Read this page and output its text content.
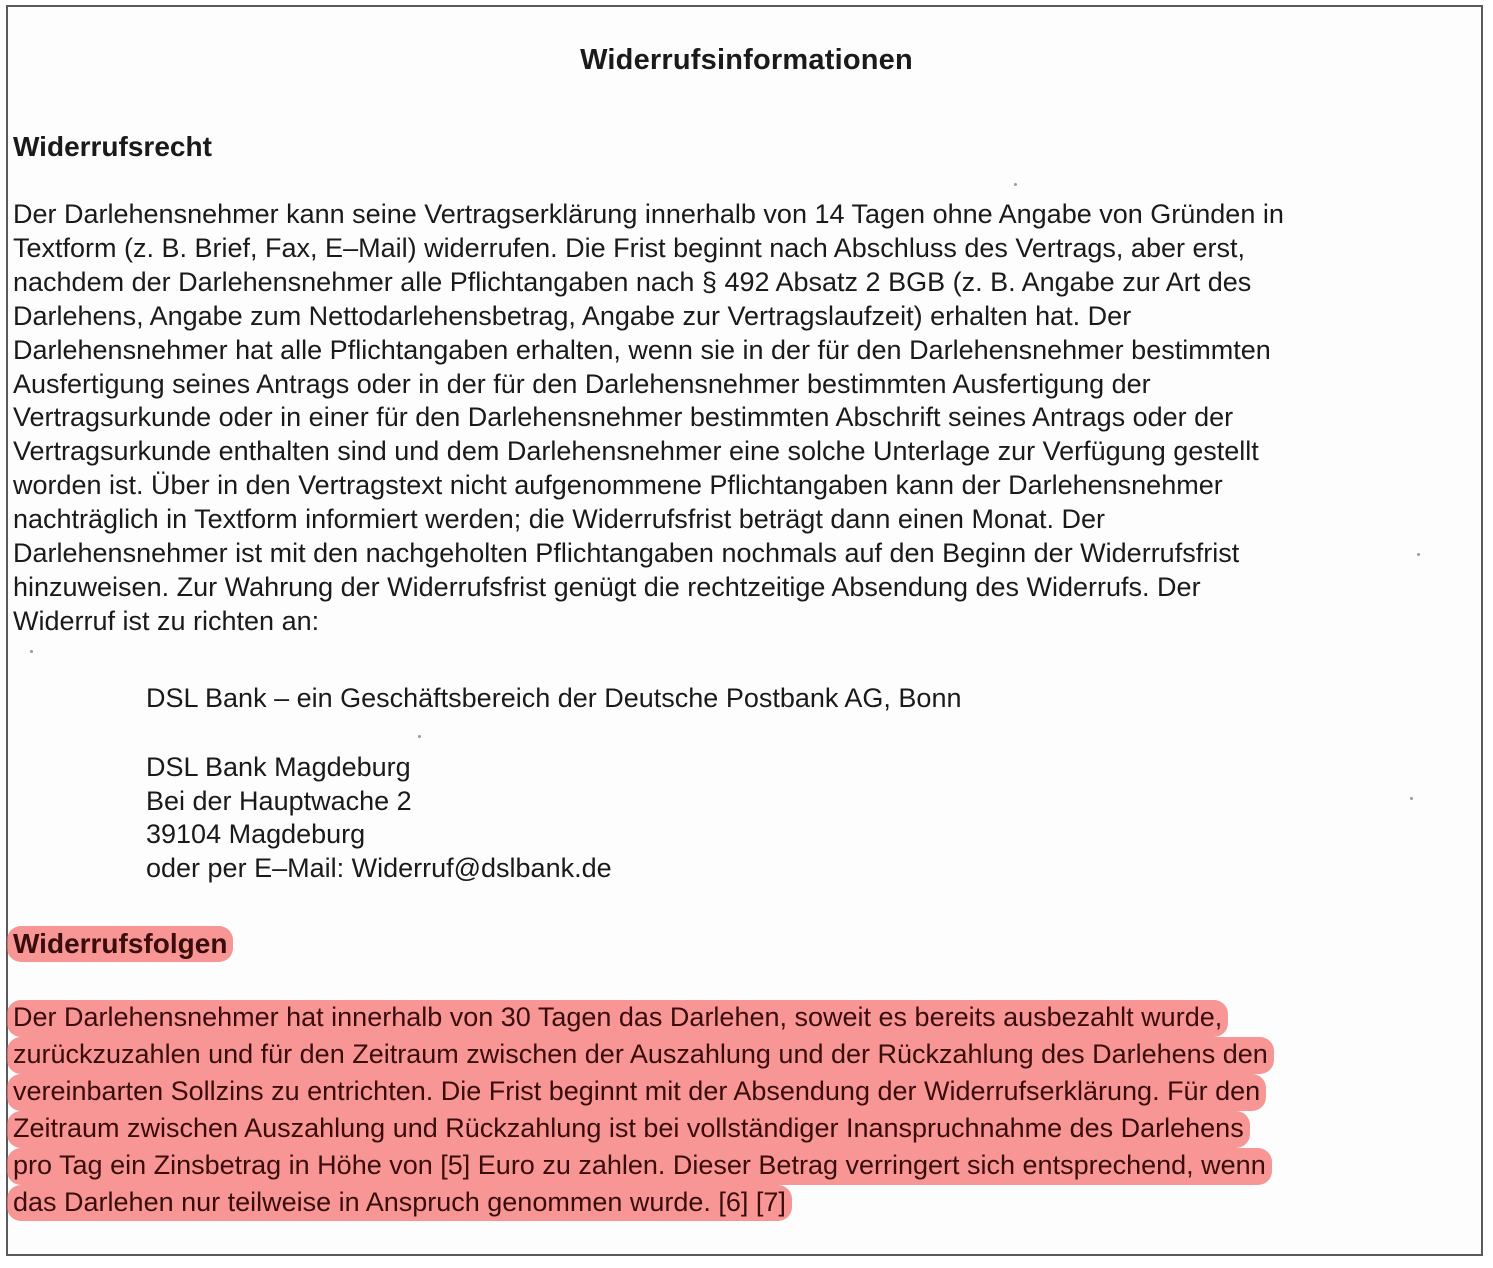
Widerrufsinformationen
Widerrufsrecht
Der Darlehensnehmer kann seine Vertragserklärung innerhalb von 14 Tagen ohne Angabe von Gründen in
Textform (z. B. Brief, Fax, E–Mail) widerrufen. Die Frist beginnt nach Abschluss des Vertrags, aber erst,
nachdem der Darlehensnehmer alle Pflichtangaben nach § 492 Absatz 2 BGB (z. B. Angabe zur Art des
Darlehens, Angabe zum Nettodarlehensbetrag, Angabe zur Vertragslaufzeit) erhalten hat. Der
Darlehensnehmer hat alle Pflichtangaben erhalten, wenn sie in der für den Darlehensnehmer bestimmten
Ausfertigung seines Antrags oder in der für den Darlehensnehmer bestimmten Ausfertigung der
Vertragsurkunde oder in einer für den Darlehensnehmer bestimmten Abschrift seines Antrags oder der
Vertragsurkunde enthalten sind und dem Darlehensnehmer eine solche Unterlage zur Verfügung gestellt
worden ist. Über in den Vertragstext nicht aufgenommene Pflichtangaben kann der Darlehensnehmer
nachträglich in Textform informiert werden; die Widerrufsfrist beträgt dann einen Monat. Der
Darlehensnehmer ist mit den nachgeholten Pflichtangaben nochmals auf den Beginn der Widerrufsfrist
hinzuweisen. Zur Wahrung der Widerrufsfrist genügt die rechtzeitige Absendung des Widerrufs. Der
Widerruf ist zu richten an:
DSL Bank – ein Geschäftsbereich der Deutsche Postbank AG, Bonn
DSL Bank Magdeburg
Bei der Hauptwache 2
39104 Magdeburg
oder per E–Mail: Widerruf@dslbank.de
Widerrufsfolgen
Der Darlehensnehmer hat innerhalb von 30 Tagen das Darlehen, soweit es bereits ausbezahlt wurde,
zurückzuzahlen und für den Zeitraum zwischen der Auszahlung und der Rückzahlung des Darlehens den
vereinbarten Sollzins zu entrichten. Die Frist beginnt mit der Absendung der Widerrufserklärung. Für den
Zeitraum zwischen Auszahlung und Rückzahlung ist bei vollständiger Inanspruchnahme des Darlehens
pro Tag ein Zinsbetrag in Höhe von [5] Euro zu zahlen. Dieser Betrag verringert sich entsprechend, wenn
das Darlehen nur teilweise in Anspruch genommen wurde. [6] [7]
